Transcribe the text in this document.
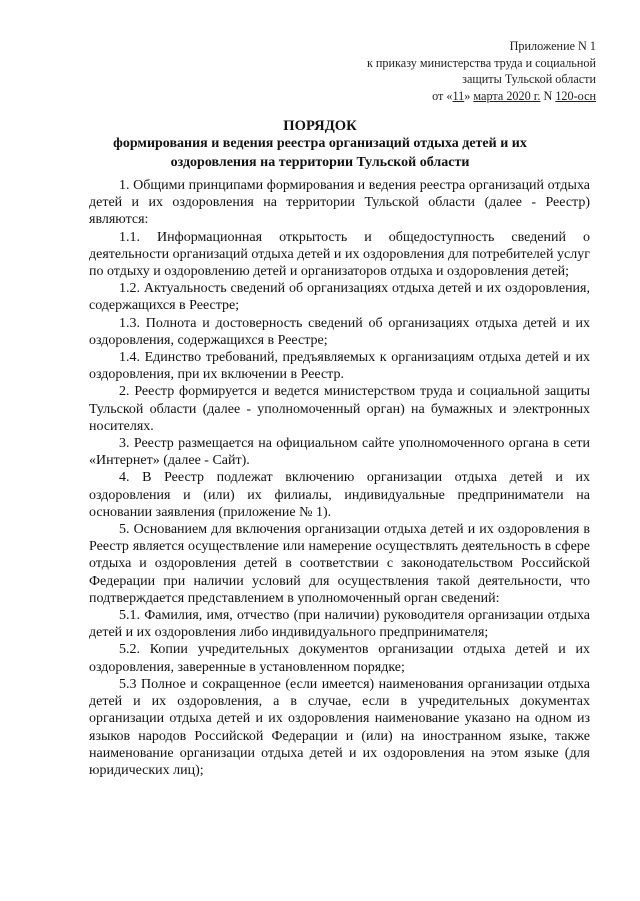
Приложение N 1
к приказу министерства труда и социальной
защиты Тульской области
от «11» марта 2020 г. N 120-осн
ПОРЯДОК
формирования и ведения реестра организаций отдыха детей и их оздоровления на территории Тульской области

1. Общими принципами формирования и ведения реестра организаций отдыха детей и их оздоровления на территории Тульской области (далее - Реестр) являются:

1.1. Информационная открытость и общедоступность сведений о деятельности организаций отдыха детей и их оздоровления для потребителей услуг по отдыху и оздоровлению детей и организаторов отдыха и оздоровления детей;

1.2. Актуальность сведений об организациях отдыха детей и их оздоровления, содержащихся в Реестре;

1.3. Полнота и достоверность сведений об организациях отдыха детей и их оздоровления, содержащихся в Реестре;

1.4. Единство требований, предъявляемых к организациям отдыха детей и их оздоровления, при их включении в Реестр.

2. Реестр формируется и ведется министерством труда и социальной защиты Тульской области (далее - уполномоченный орган) на бумажных и электронных носителях.

3. Реестр размещается на официальном сайте уполномоченного органа в сети «Интернет» (далее - Сайт).

4. В Реестр подлежат включению организации отдыха детей и их оздоровления и (или) их филиалы, индивидуальные предприниматели на основании заявления (приложение № 1).

5. Основанием для включения организации отдыха детей и их оздоровления в Реестр является осуществление или намерение осуществлять деятельность в сфере отдыха и оздоровления детей в соответствии с законодательством Российской Федерации при наличии условий для осуществления такой деятельности, что подтверждается представлением в уполномоченный орган сведений:

5.1. Фамилия, имя, отчество (при наличии) руководителя организации отдыха детей и их оздоровления либо индивидуального предпринимателя;

5.2. Копии учредительных документов организации отдыха детей и их оздоровления, заверенные в установленном порядке;

5.3 Полное и сокращенное (если имеется) наименования организации отдыха детей и их оздоровления, а в случае, если в учредительных документах организации отдыха детей и их оздоровления наименование указано на одном из языков народов Российской Федерации и (или) на иностранном языке, также наименование организации отдыха детей и их оздоровления на этом языке (для юридических лиц);
